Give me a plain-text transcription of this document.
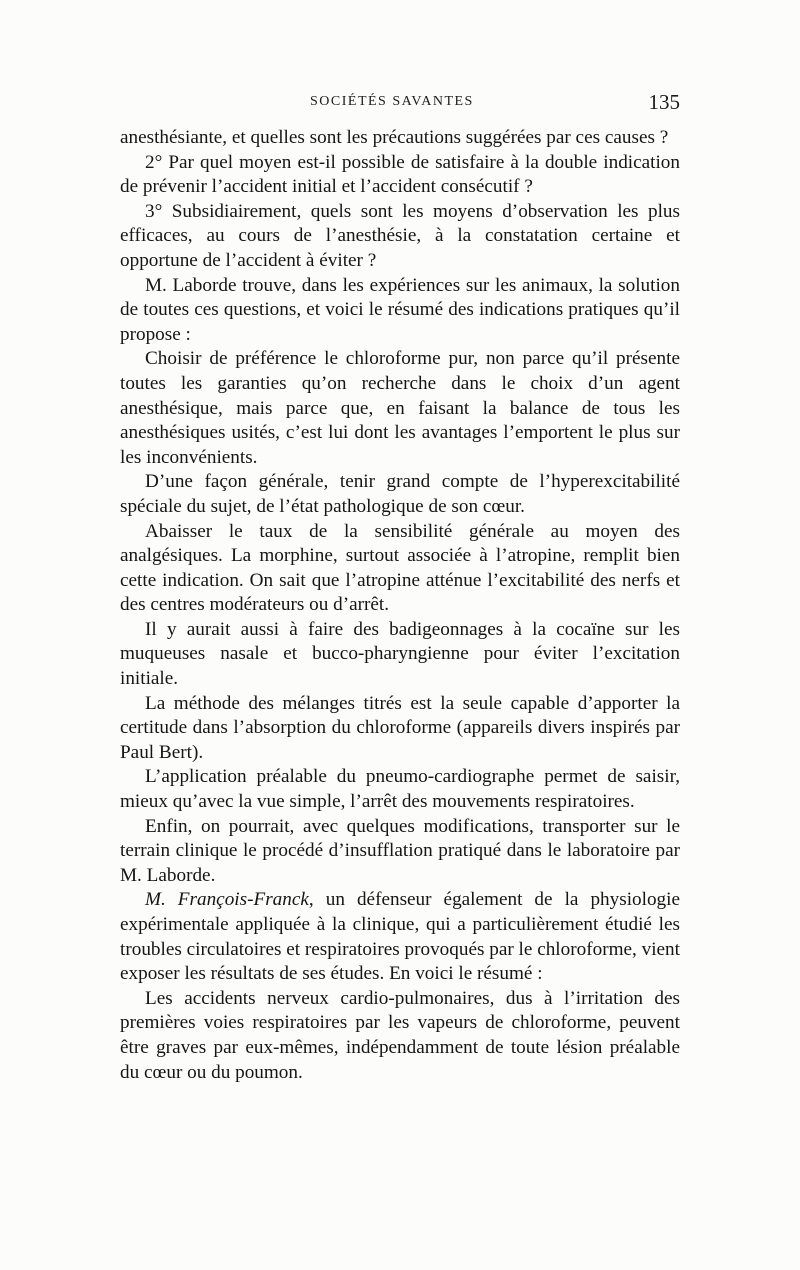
SOCIÉTÉS SAVANTES	135

anesthésiante, et quelles sont les précautions suggérées par ces causes ?

2° Par quel moyen est-il possible de satisfaire à la double indication de prévenir l’accident initial et l’accident consécutif ?

3° Subsidiairement, quels sont les moyens d’observation les plus efficaces, au cours de l’anesthésie, à la constatation certaine et opportune de l’accident à éviter ?

M. Laborde trouve, dans les expériences sur les animaux, la solution de toutes ces questions, et voici le résumé des indications pratiques qu’il propose :

Choisir de préférence le chloroforme pur, non parce qu’il présente toutes les garanties qu’on recherche dans le choix d’un agent anesthésique, mais parce que, en faisant la balance de tous les anesthésiques usités, c’est lui dont les avantages l’emportent le plus sur les inconvénients.

D’une façon générale, tenir grand compte de l’hyperexcitabilité spéciale du sujet, de l’état pathologique de son cœur.

Abaisser le taux de la sensibilité générale au moyen des analgésiques. La morphine, surtout associée à l’atropine, remplit bien cette indication. On sait que l’atropine atténue l’excitabilité des nerfs et des centres modérateurs ou d’arrêt.

Il y aurait aussi à faire des badigeonnages à la cocaïne sur les muqueuses nasale et bucco-pharyngienne pour éviter l’excitation initiale.

La méthode des mélanges titrés est la seule capable d’apporter la certitude dans l’absorption du chloroforme (appareils divers inspirés par Paul Bert).

L’application préalable du pneumo-cardiographe permet de saisir, mieux qu’avec la vue simple, l’arrêt des mouvements respiratoires.

Enfin, on pourrait, avec quelques modifications, transporter sur le terrain clinique le procédé d’insufflation pratiqué dans le laboratoire par M. Laborde.

M. François-Franck, un défenseur également de la physiologie expérimentale appliquée à la clinique, qui a particulièrement étudié les troubles circulatoires et respiratoires provoqués par le chloroforme, vient exposer les résultats de ses études. En voici le résumé :

Les accidents nerveux cardio-pulmonaires, dus à l’irritation des premières voies respiratoires par les vapeurs de chloroforme, peuvent être graves par eux-mêmes, indépendamment de toute lésion préalable du cœur ou du poumon.
